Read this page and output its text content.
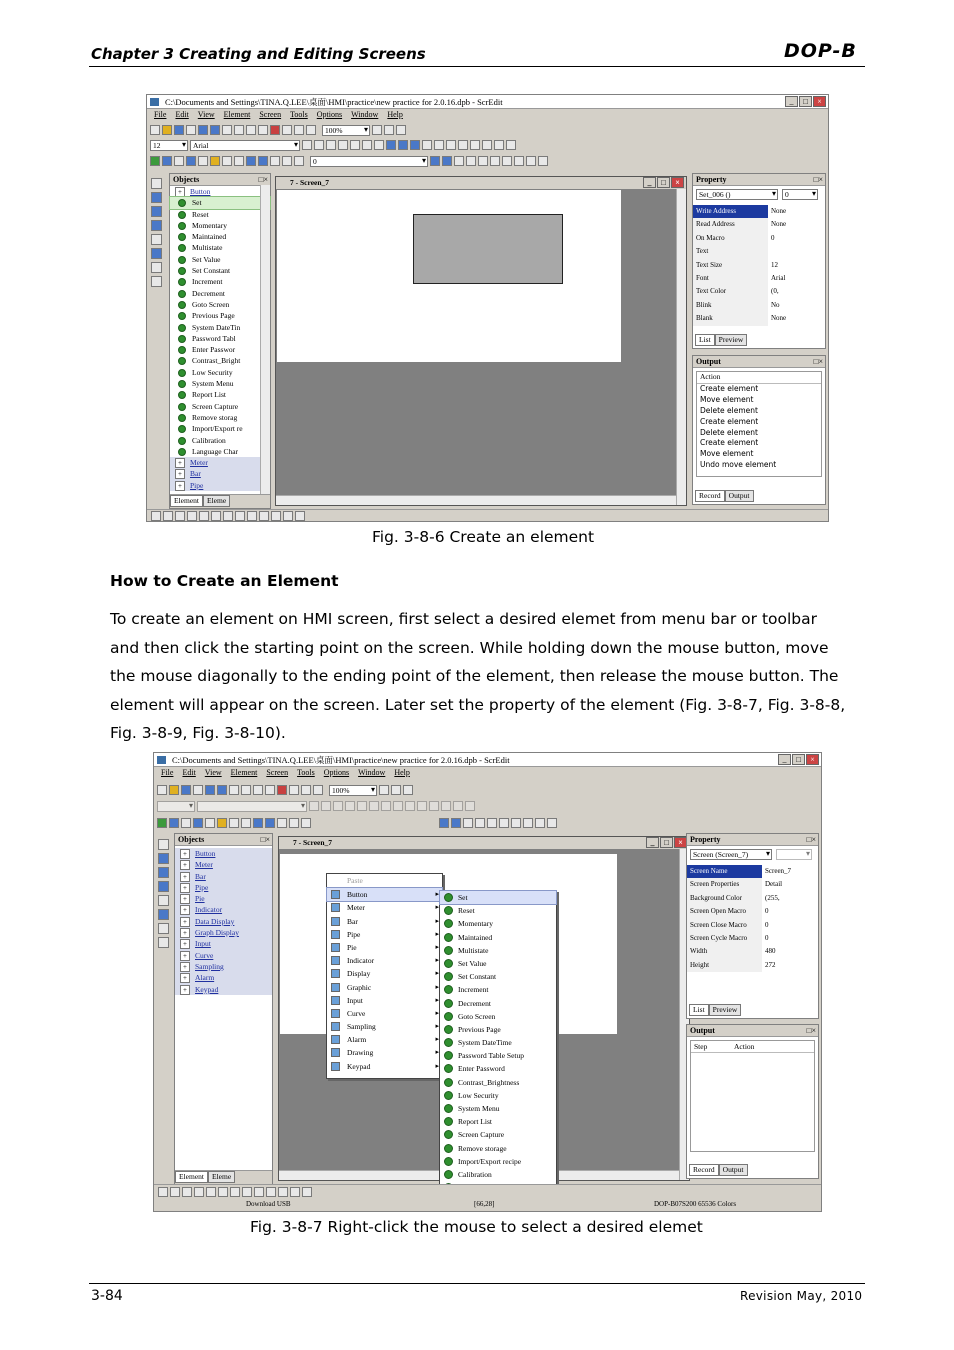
Chapter 3 Creating and Editing Screens	DOP-B
C:\Documents and Settings\TINA.Q.LEE\桌面\HMI\practice\new practice for 2.0.16.dpb - ScrEdit	_	□	×
File Edit View Element Screen Tools Options Window Help
100% ▾
12 ▾	Arial ▾
0 ▾
Objects	□×
+ Button
Set
Reset
Momentary
Maintained
Multistate
Set Value
Set Constant
Increment
Decrement
Goto Screen
Previous Page
System DateTin
Password Tabl
Enter Passwor
Contrast_Bright
Low Security
System Menu
Report List
Screen Capture
Remove storag
Import/Export re
Calibration
Language Char
+ Meter
+ Bar
+ Pipe
Element Eleme
7 - Screen_7	_	□	×	Property	□×
Set_006 () ▾	0 ▾
Write Address	None
Read Address	None
On Macro	0
Text
Text Size	12
Font	Arial
Text Color	(0,
Blink	No
Blank	None
List Preview
Output	□×
Action
Create element
Move element
Delete element
Create element
Delete element
Create element
Move element
Undo move element
Record Output
Fig. 3-8-6 Create an element
How to Create an Element
To create an element on HMI screen, first select a desired elemet from menu bar or toolbar
and then click the starting point on the screen. While holding down the mouse button, move
the mouse diagonally to the ending point of the element, then release the mouse button. The
element will appear on the screen. Later set the property of the element (Fig. 3-8-7, Fig. 3-8-8,
Fig. 3-8-9, Fig. 3-8-10).
C:\Documents and Settings\TINA.Q.LEE\桌面\HMI\practice\new practice for 2.0.16.dpb - ScrEdit	_	□	×
File Edit View Element Screen Tools Options Window Help
100% ▾
▾
▾
Objects	□×
+ Button
+ Meter
+ Bar
+ Pipe
+ Pie
+ Indicator
+ Data Display
+ Graph Display
+ Input
+ Curve
+ Sampling
+ Alarm
+ Keypad
Element Eleme
7 - Screen_7	_	□	×
Paste
Button	▸
Meter	▸
Bar	▸
Pipe	▸
Pie	▸
Indicator	▸
Display	▸
Graphic	▸
Input	▸
Curve	▸
Sampling	▸
Alarm	▸
Drawing	▸
Keypad	▸
Set
Reset
Momentary
Maintained
Multistate
Set Value
Set Constant
Increment
Decrement
Goto Screen
Previous Page
System DateTime
Password Table Setup
Enter Password
Contrast_Brightness
Low Security
System Menu
Report List
Screen Capture
Remove storage
Import/Export recipe
Calibration
Property	□×
Screen (Screen_7) ▾
▾
Screen Name	Screen_7
Screen Properties	Detail
Background Color	(255,
Screen Open Macro	0
Screen Close Macro	0
Screen Cycle Macro	0
Width	480
Height	272
List Preview
Output	□×
Step	Action
Record Output
Download USB	[66,28]	DOP-B07S200 65536 Colors
Fig. 3-8-7 Right-click the mouse to select a desired elemet
3-84	Revision May, 2010
